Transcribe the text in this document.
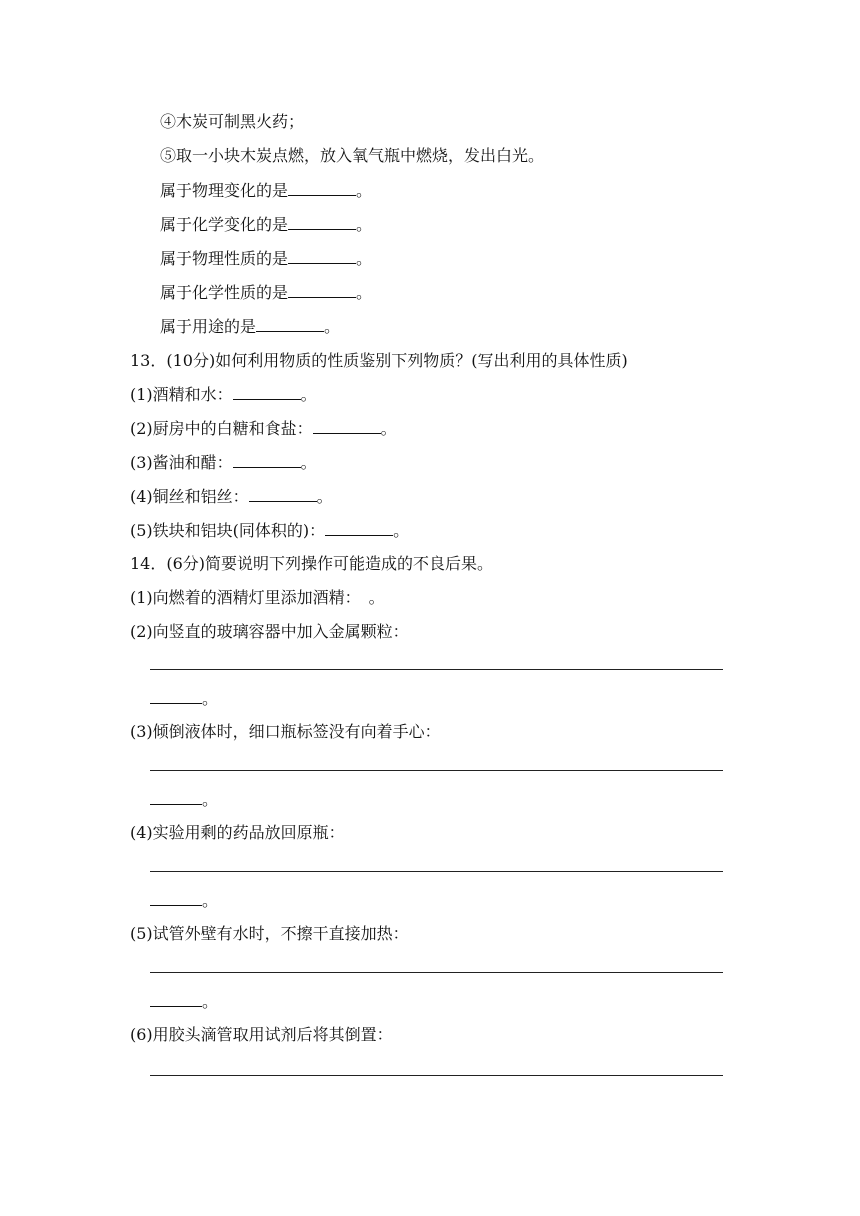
④木炭可制黑火药；
⑤取一小块木炭点燃，放入氧气瓶中燃烧，发出白光。
属于物理变化的是	。
属于化学变化的是	。
属于物理性质的是	。
属于化学性质的是	。
属于用途的是	。
13．(10分)如何利用物质的性质鉴别下列物质？(写出利用的具体性质)
(1)酒精和水：	。
(2)厨房中的白糖和食盐：	。
(3)酱油和醋：	。
(4)铜丝和铝丝：	。
(5)铁块和铝块(同体积的)：	。
14．(6分)简要说明下列操作可能造成的不良后果。
(1)向燃着的酒精灯里添加酒精：　。
(2)向竖直的玻璃容器中加入金属颗粒：
。
(3)倾倒液体时，细口瓶标签没有向着手心：
。
(4)实验用剩的药品放回原瓶：
。
(5)试管外壁有水时，不擦干直接加热：
。
(6)用胶头滴管取用试剂后将其倒置：
